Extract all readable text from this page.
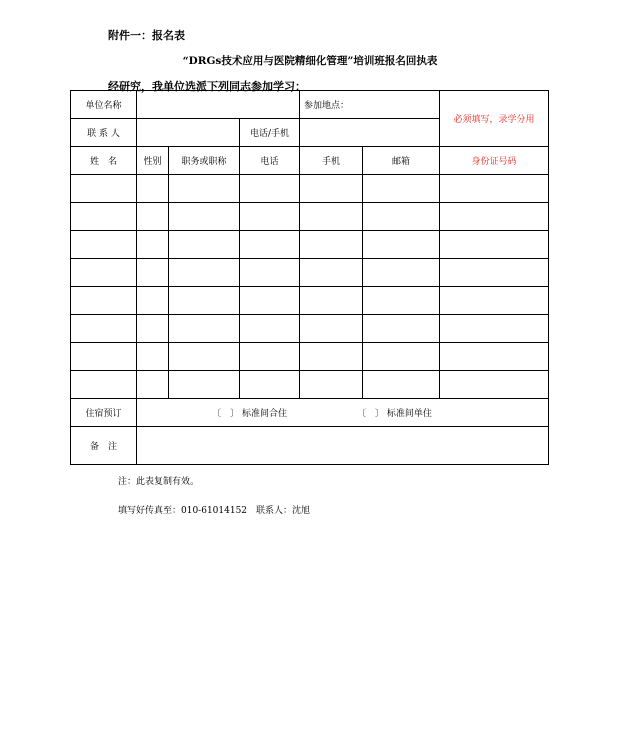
附件一：报名表
“DRGs技术应用与医院精细化管理”培训班报名回执表
经研究，我单位选派下列同志参加学习：
单位名称				参加地点：		必须填写，录学分用
联 系 人			电话/手机			
姓　名	性别	职务或职称	电话	手机	邮箱	身份证号码

住宿预订	〔　〕 标准间合住 〔　〕 标准间单住					
备　注						
注：此表复制有效。
填写好传真至：010-61014152　联系人：沈旭
